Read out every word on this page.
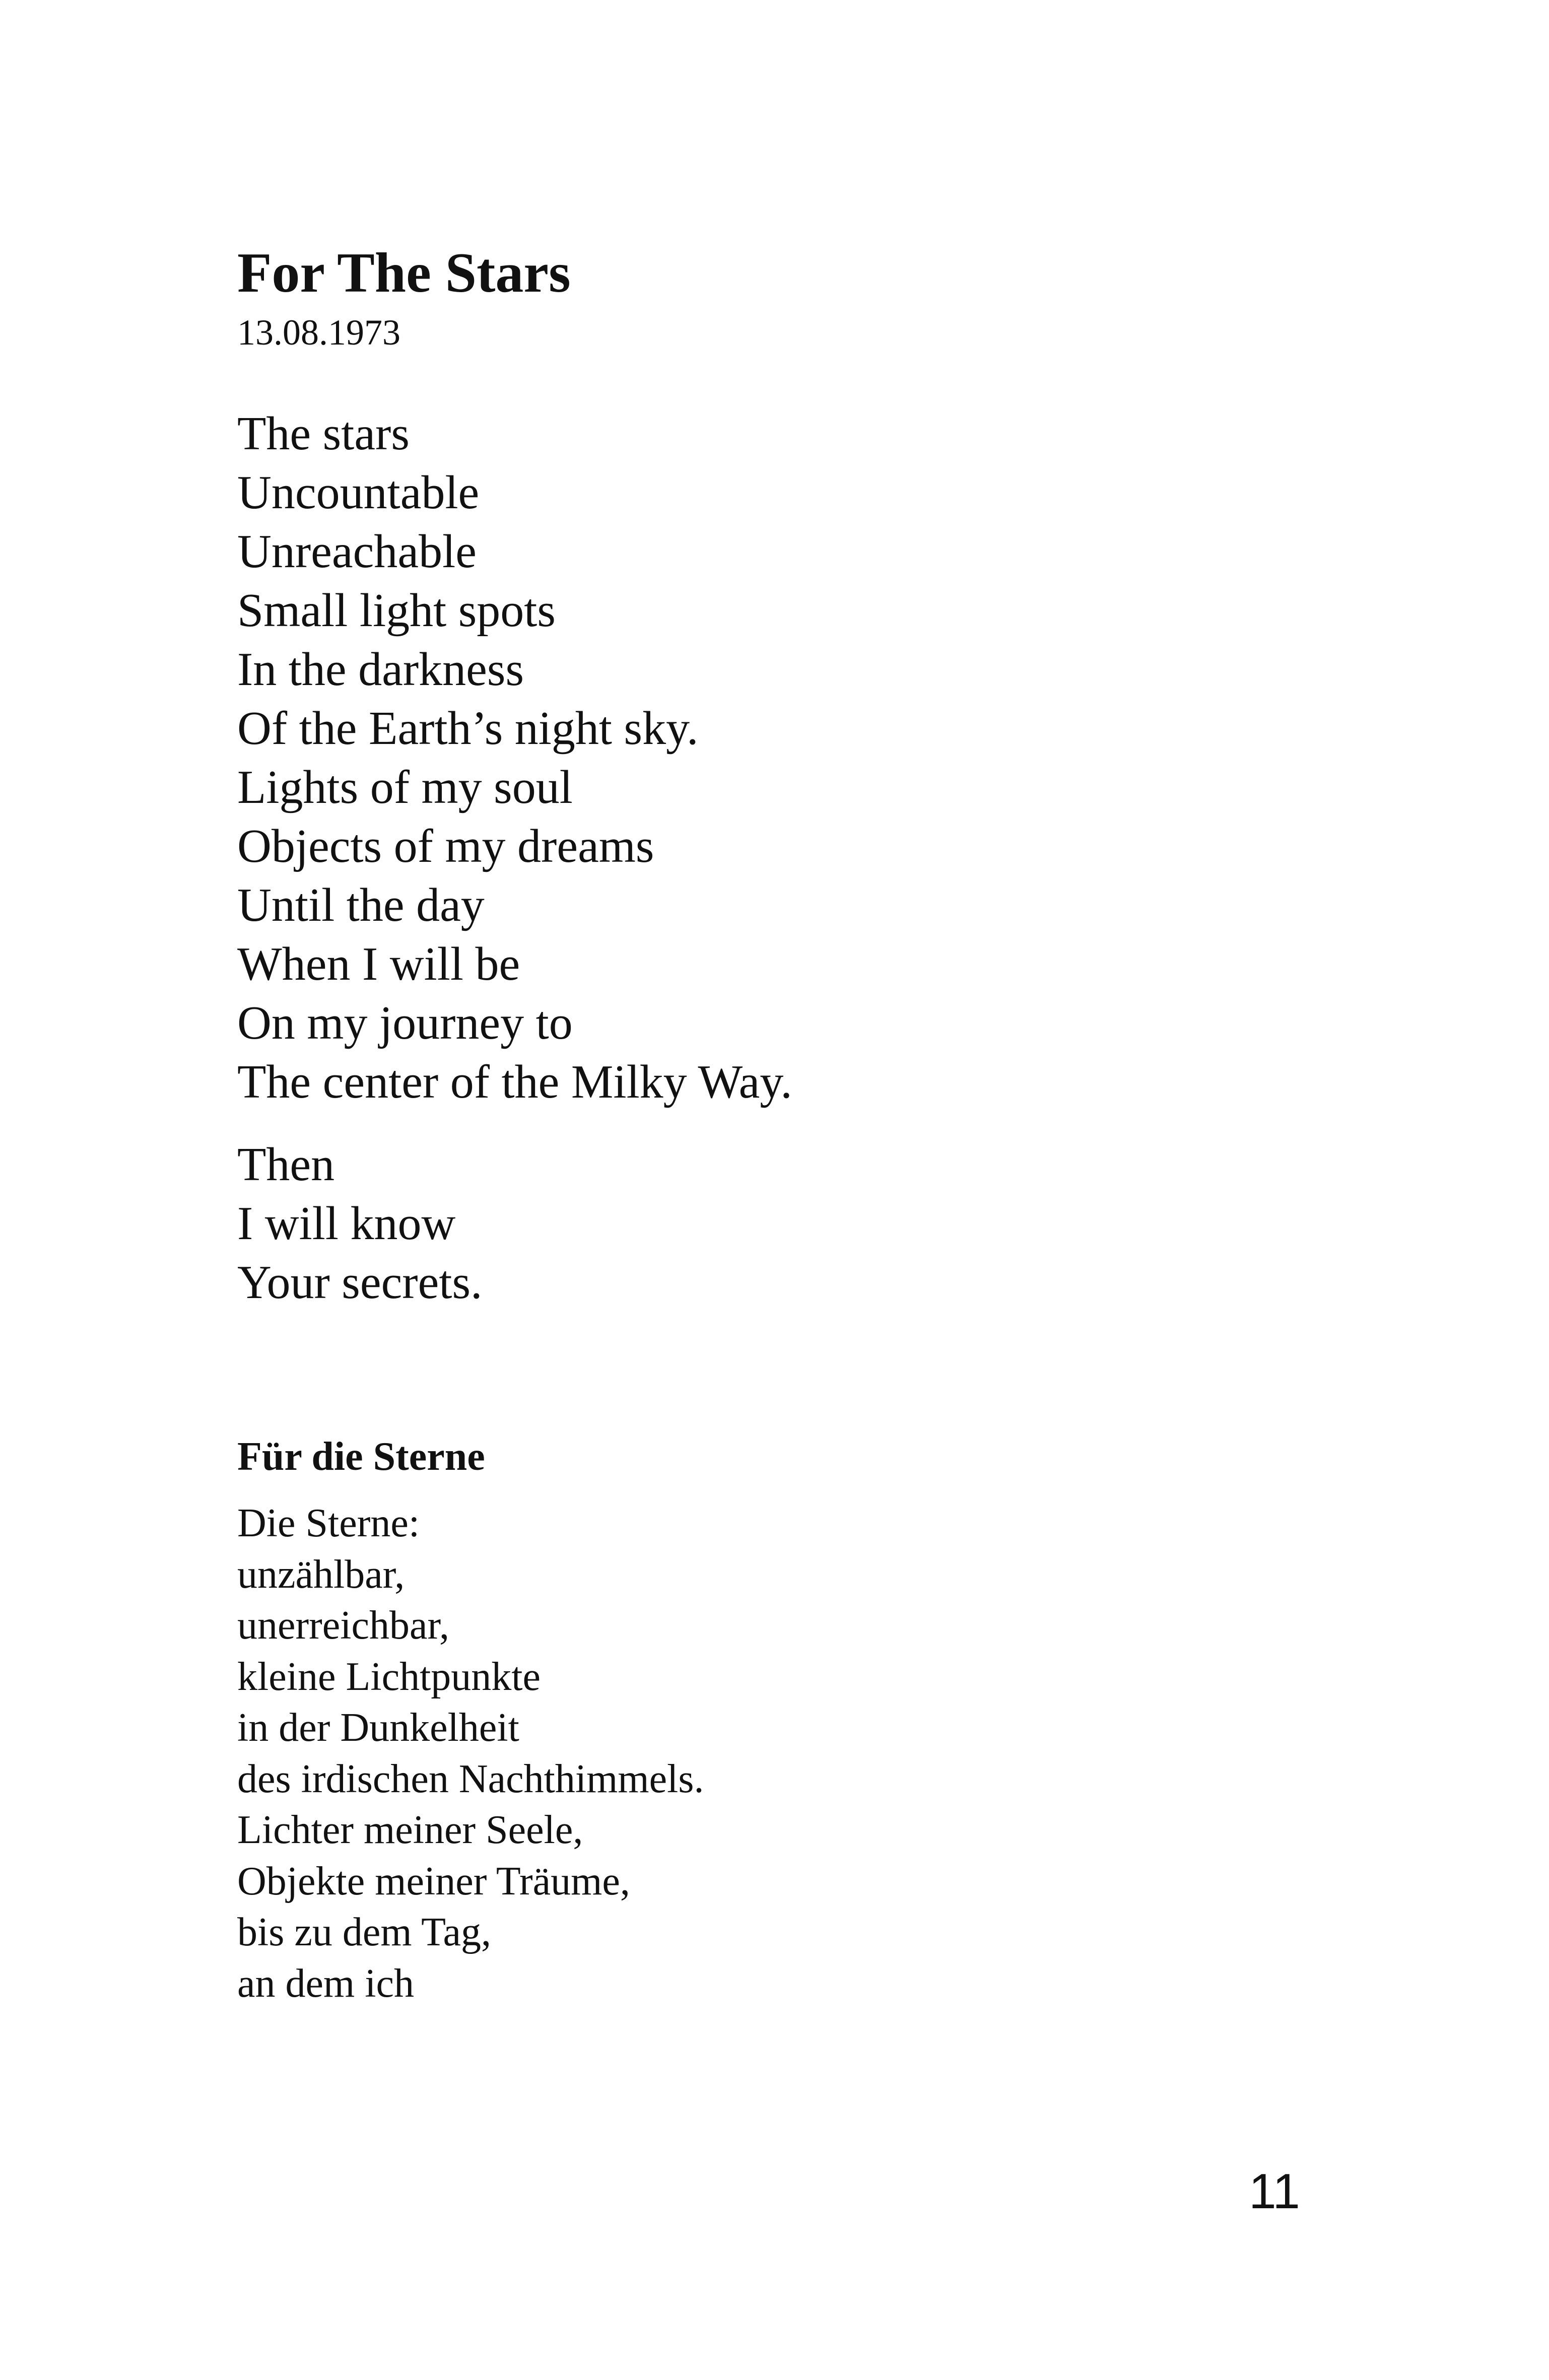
For The Stars
13.08.1973
The stars
Uncountable
Unreachable
Small light spots
In the darkness
Of the Earth’s night sky.
Lights of my soul
Objects of my dreams
Until the day
When I will be
On my journey to
The center of the Milky Way.
Then
I will know
Your secrets.
Für die Sterne
Die Sterne:
unzählbar,
unerreichbar,
kleine Lichtpunkte
in der Dunkelheit
des irdischen Nachthimmels.
Lichter meiner Seele,
Objekte meiner Träume,
bis zu dem Tag,
an dem ich
11
